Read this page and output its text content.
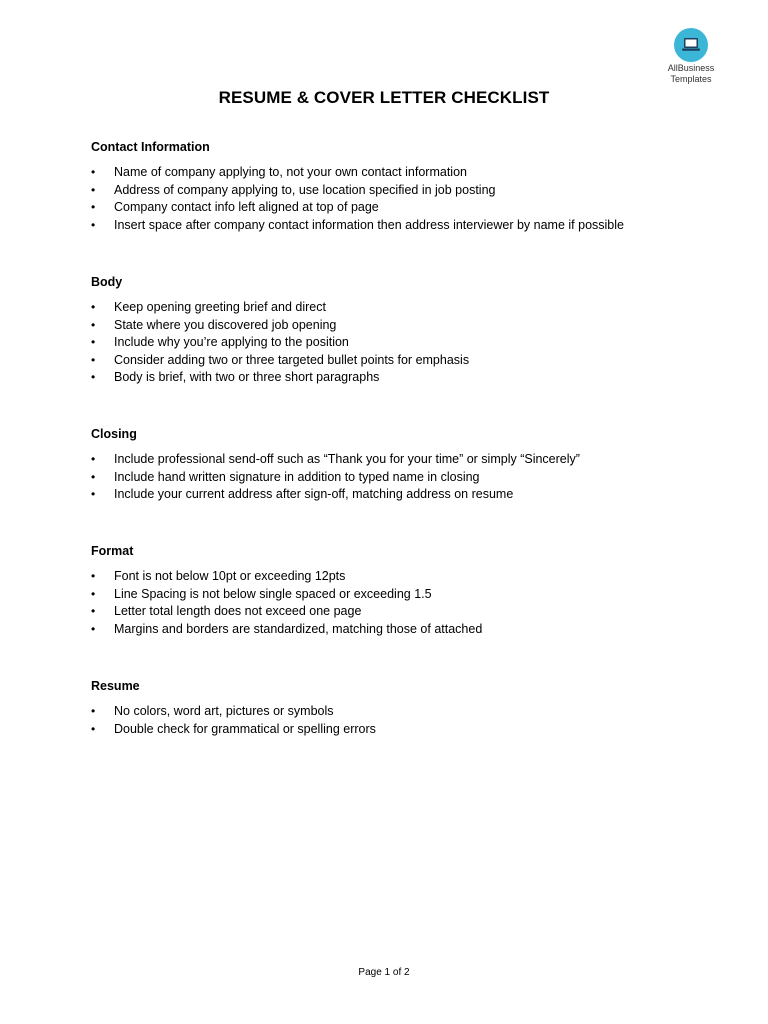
AllBusiness
Templates
RESUME & COVER LETTER CHECKLIST
Contact Information
• Name of company applying to, not your own contact information
• Address of company applying to, use location specified in job posting
• Company contact info left aligned at top of page
• Insert space after company contact information then address interviewer by name if possible
Body
• Keep opening greeting brief and direct
• State where you discovered job opening
• Include why you’re applying to the position
• Consider adding two or three targeted bullet points for emphasis
• Body is brief, with two or three short paragraphs
Closing
• Include professional send-off such as “Thank you for your time” or simply “Sincerely”
• Include hand written signature in addition to typed name in closing
• Include your current address after sign-off, matching address on resume
Format
• Font is not below 10pt or exceeding 12pts
• Line Spacing is not below single spaced or exceeding 1.5
• Letter total length does not exceed one page
• Margins and borders are standardized, matching those of attached
Resume
• No colors, word art, pictures or symbols
• Double check for grammatical or spelling errors
Page 1 of 2
